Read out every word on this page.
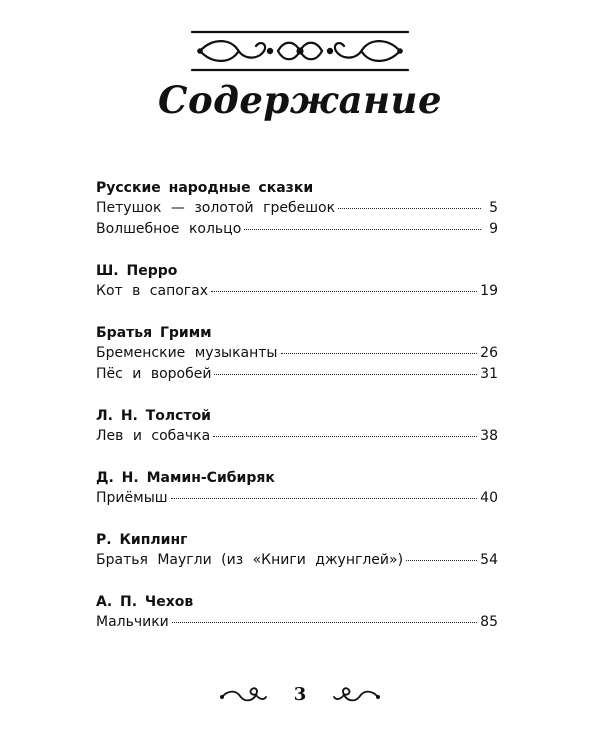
Содержание
Русские народные сказки
Петушок — золотой гребешок	5
Волшебное кольцо	9
Ш. Перро
Кот в сапогах	19
Братья Гримм
Бременские музыканты	26
Пёс и воробей	31
Л. Н. Толстой
Лев и собачка	38
Д. Н. Мамин-Сибиряк
Приёмыш	40
Р. Киплинг
Братья Маугли (из «Книги джунглей»)	54
А. П. Чехов
Мальчики	85
3
